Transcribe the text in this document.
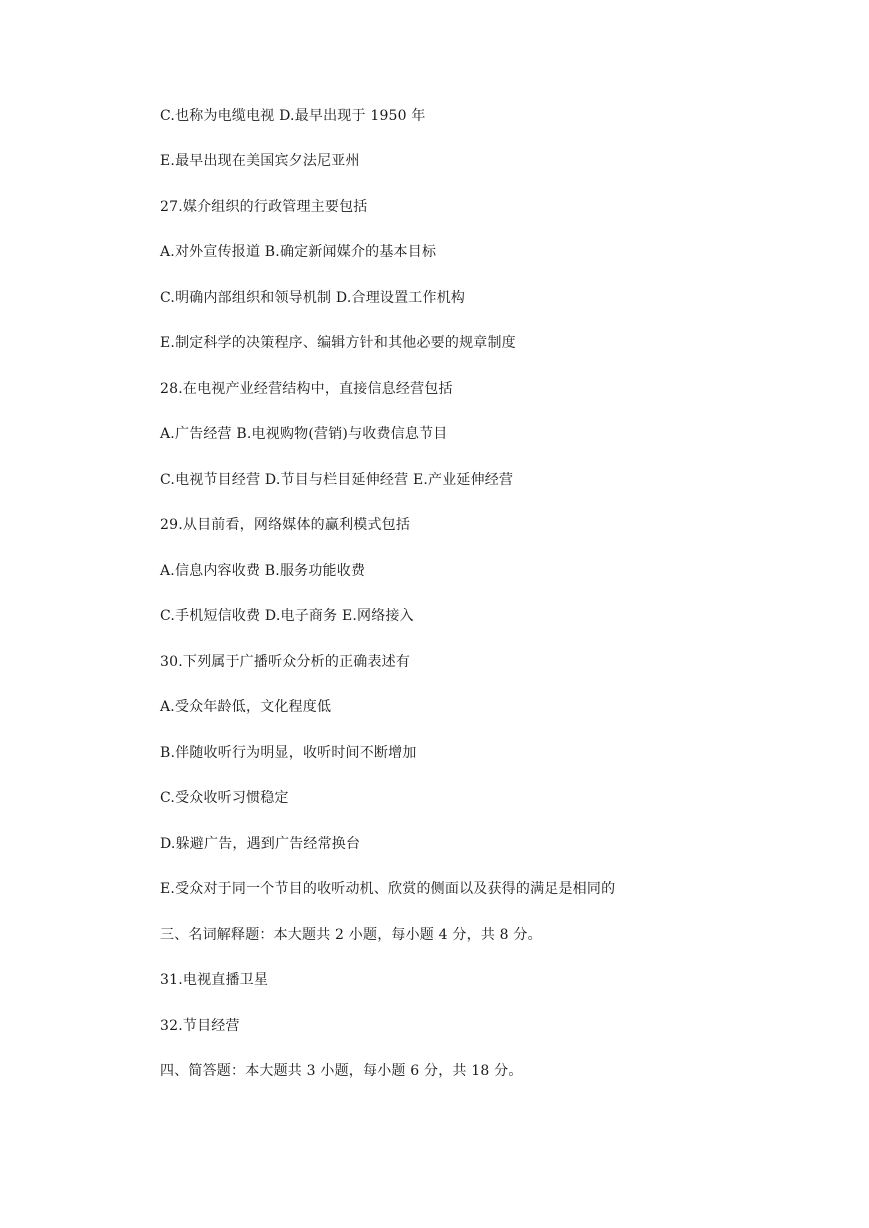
C.也称为电缆电视 D.最早出现于 1950 年
E.最早出现在美国宾夕法尼亚州
27.媒介组织的行政管理主要包括
A.对外宣传报道 B.确定新闻媒介的基本目标
C.明确内部组织和领导机制 D.合理设置工作机构
E.制定科学的决策程序、编辑方针和其他必要的规章制度
28.在电视产业经营结构中，直接信息经营包括
A.广告经营 B.电视购物(营销)与收费信息节目
C.电视节目经营 D.节目与栏目延伸经营 E.产业延伸经营
29.从目前看，网络媒体的赢利模式包括
A.信息内容收费 B.服务功能收费
C.手机短信收费 D.电子商务 E.网络接入
30.下列属于广播听众分析的正确表述有
A.受众年龄低，文化程度低
B.伴随收听行为明显，收听时间不断增加
C.受众收听习惯稳定
D.躲避广告，遇到广告经常换台
E.受众对于同一个节目的收听动机、欣赏的侧面以及获得的满足是相同的
三、名词解释题：本大题共 2 小题，每小题 4 分，共 8 分。
31.电视直播卫星
32.节目经营
四、简答题：本大题共 3 小题，每小题 6 分，共 18 分。
